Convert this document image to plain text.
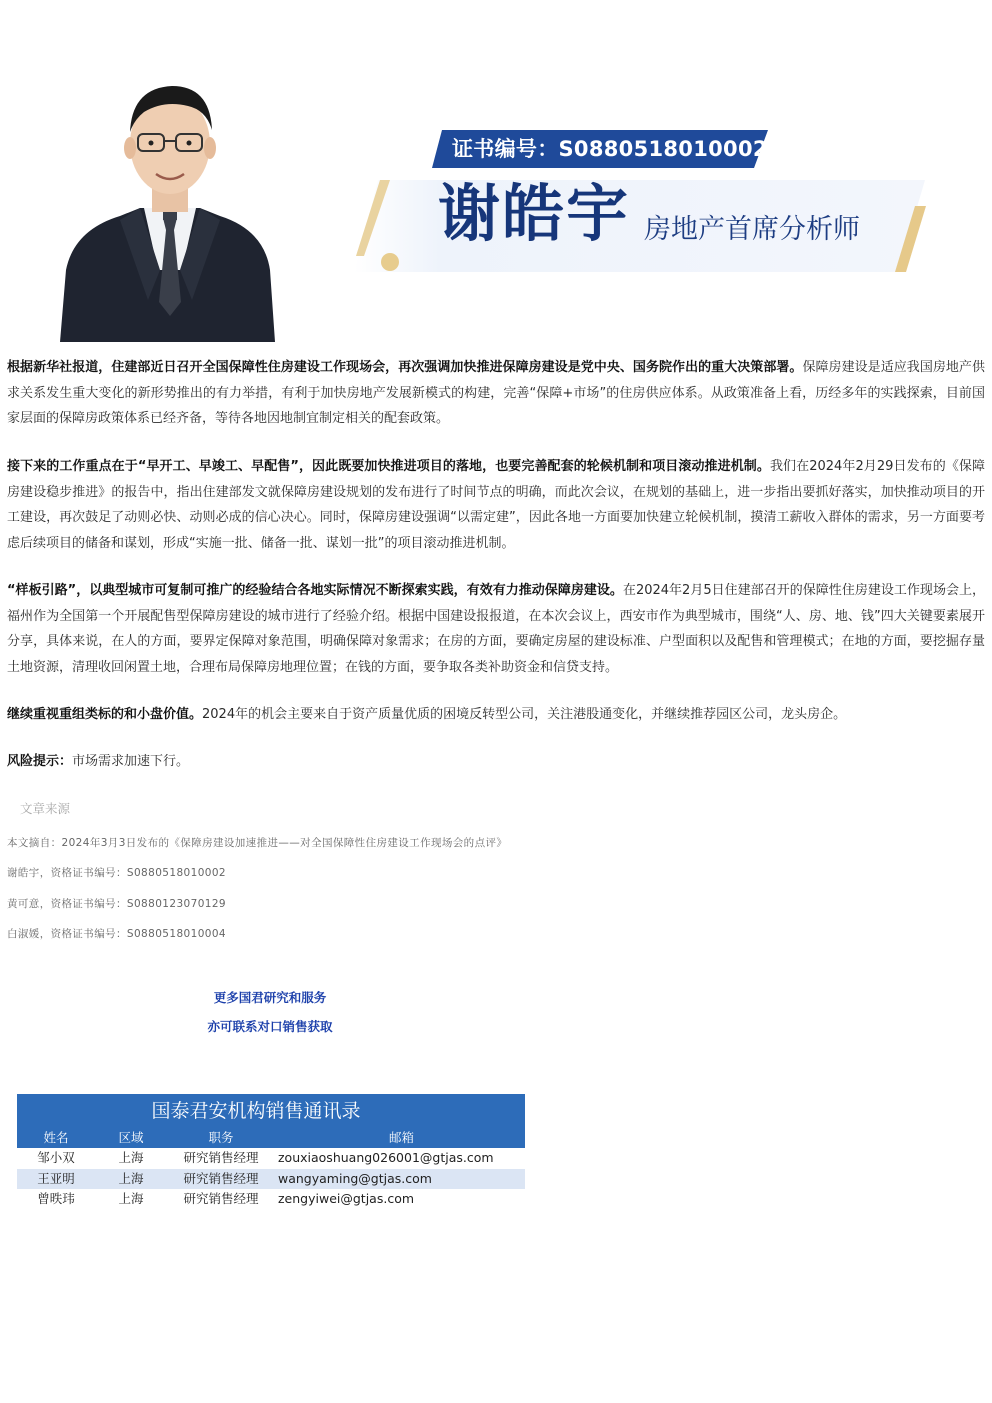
证书编号：S0880518010002
谢皓宇 房地产首席分析师

根据新华社报道，住建部近日召开全国保障性住房建设工作现场会，再次强调加快推进保障房建设是党中央、国务院作出的重大决策部署。保障房建设是适应我国房地产供求关系发生重大变化的新形势推出的有力举措，有利于加快房地产发展新模式的构建，完善“保障+市场”的住房供应体系。从政策准备上看，历经多年的实践探索，目前国家层面的保障房政策体系已经齐备，等待各地因地制宜制定相关的配套政策。

接下来的工作重点在于“早开工、早竣工、早配售”，因此既要加快推进项目的落地，也要完善配套的轮候机制和项目滚动推进机制。我们在2024年2月29日发布的《保障房建设稳步推进》的报告中，指出住建部发文就保障房建设规划的发布进行了时间节点的明确，而此次会议，在规划的基础上，进一步指出要抓好落实，加快推动项目的开工建设，再次鼓足了动则必快、动则必成的信心决心。同时，保障房建设强调“以需定建”，因此各地一方面要加快建立轮候机制，摸清工薪收入群体的需求，另一方面要考虑后续项目的储备和谋划，形成“实施一批、储备一批、谋划一批”的项目滚动推进机制。

“样板引路”，以典型城市可复制可推广的经验结合各地实际情况不断探索实践，有效有力推动保障房建设。在2024年2月5日住建部召开的保障性住房建设工作现场会上，福州作为全国第一个开展配售型保障房建设的城市进行了经验介绍。根据中国建设报报道，在本次会议上，西安市作为典型城市，围绕“人、房、地、钱”四大关键要素展开分享，具体来说，在人的方面，要界定保障对象范围，明确保障对象需求；在房的方面，要确定房屋的建设标准、户型面积以及配售和管理模式；在地的方面，要挖掘存量土地资源，清理收回闲置土地，合理布局保障房地理位置；在钱的方面，要争取各类补助资金和信贷支持。

继续重视重组类标的和小盘价值。2024年的机会主要来自于资产质量优质的困境反转型公司，关注港股通变化，并继续推荐园区公司，龙头房企。

风险提示：市场需求加速下行。

文章来源
本文摘自：2024年3月3日发布的《保障房建设加速推进——对全国保障性住房建设工作现场会的点评》
谢皓宇，资格证书编号：S0880518010002
黄可意，资格证书编号：S0880123070129
白淑媛，资格证书编号：S0880518010004
更多国君研究和服务
亦可联系对口销售获取
国泰君安机构销售通讯录
姓名	区域	职务	邮箱
邹小双	上海	研究销售经理	zouxiaoshuang026001@gtjas.com
王亚明	上海	研究销售经理	wangyaming@gtjas.com
曾昳玮	上海	研究销售经理	zengyiwei@gtjas.com
